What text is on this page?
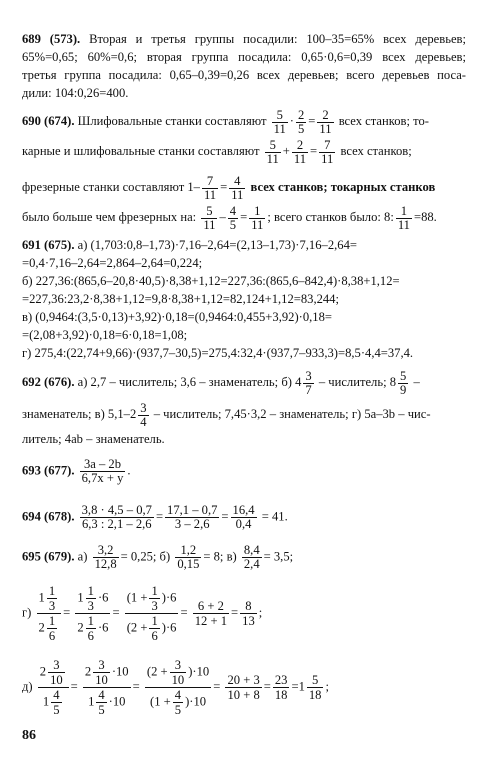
689 (573). Вторая и третья группы посадили: 100–35=65% всех деревьев;
65%=0,65; 60%=0,6; вторая группа посадила: 0,65·0,6=0,39 всех деревьев;
третья группа посадила: 0,65–0,39=0,26 всех деревьев; всего деревьев поса-
дили: 104:0,26=400.
690 (674). Шлифовальные станки составляют $\frac{5}{11} \cdot \frac{2}{5} = \frac{2}{11}$ всех станков; то-
карные и шлифовальные станки составляют $\frac{5}{11} + \frac{2}{11} = \frac{7}{11}$ всех станков;
фрезерные станки составляют $1- \frac{7}{11} = \frac{4}{11}$ всех станков; токарных станков
было больше чем фрезерных на: $\frac{5}{11} - \frac{4}{5} = \frac{1}{11}$ ; всего станков было: 8: $\frac{1}{11} =88$.
691 (675). а) (1,703:0,8–1,73)·7,16–2,64=(2,13–1,73)·7,16–2,64=
=0,4·7,16–2,64=2,864–2,64=0,224;
б) 227,36:(865,6–20,8·40,5)·8,38+1,12=227,36:(865,6–842,4)·8,38+1,12=
=227,36:23,2·8,38+1,12=9,8·8,38+1,12=82,124+1,12=83,244;
в) (0,9464:(3,5·0,13)+3,92)·0,18=(0,9464:0,455+3,92)·0,18=
=(2,08+3,92)·0,18=6·0,18=1,08;
г) 275,4:(22,74+9,66)·(937,7–30,5)=275,4:32,4·(937,7–933,3)=8,5·4,4=37,4.
692 (676). а) 2,7 – числитель; 3,6 – знаменатель; б) $4 \frac{3}{7}$ – числитель; $8 \frac{5}{9}$ –
знаменатель; в) $5,1-2 \frac{3}{4}$ – числитель; 7,45·3,2 – знаменатель; г) 5a–3b – чис-
литель; 4ab – знаменатель.
693 (677). $\frac{3a - 2b}{6,7x + y}$ .
694 (678). $\frac{3,8 \cdot 4,5 - 0,7}{6,3 : 2,1 - 2,6} = \frac{17,1 - 0,7}{3 - 2,6} = \frac{16,4}{0,4} = 41$.
695 (679). $а) \frac{3,2}{12,8} = 0,25$; $б) \frac{1,2}{0,15} = 8$; $в) \frac{8,4}{2,4} = 3,5$;
$г) \frac{1 \frac{1}{3}}{2 \frac{1}{6}} = \frac{1 \frac{1}{3} \cdot 6}{2 \frac{1}{6} \cdot 6} = \frac{(1 + \frac{1}{3} )\cdot 6}{(2 + \frac{1}{6} )\cdot 6} = \frac{6 + 2}{12 + 1} = \frac{8}{13}$ ;
$д) \frac{2 \frac{3}{10}}{1 \frac{4}{5}} = \frac{2 \frac{3}{10} \cdot 10}{1 \frac{4}{5} \cdot 10} = \frac{(2 + \frac{3}{10} )\cdot 10}{(1 + \frac{4}{5} )\cdot 10} = \frac{20 + 3}{10 + 8} = \frac{23}{18} =1 \frac{5}{18}$ ;
86
